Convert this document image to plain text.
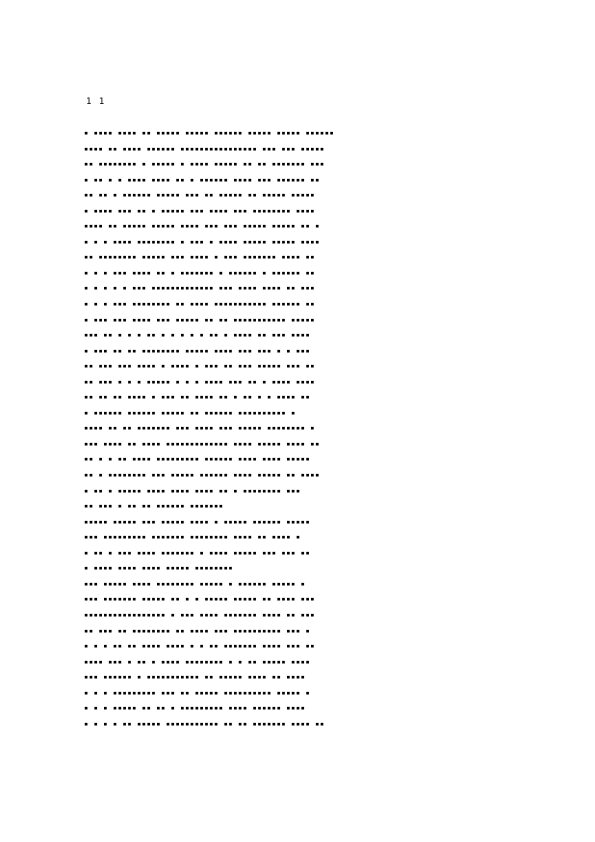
1 1
▪ ▪▪▪▪ ▪▪▪▪ ▪▪ ▪▪▪▪▪ ▪▪▪▪▪ ▪▪▪▪▪▪ ▪▪▪▪▪ ▪▪▪▪▪ ▪▪▪▪▪▪
▪▪▪▪ ▪▪ ▪▪▪▪ ▪▪▪▪▪▪ ▪▪▪▪▪▪▪▪▪▪▪▪▪▪▪▪ ▪▪▪ ▪▪▪ ▪▪▪▪▪
▪▪ ▪▪▪▪▪▪▪▪ ▪ ▪▪▪▪▪ ▪ ▪▪▪▪ ▪▪▪▪▪ ▪▪ ▪▪ ▪▪▪▪▪▪▪ ▪▪▪
▪ ▪▪ ▪ ▪ ▪▪▪▪ ▪▪▪▪ ▪▪ ▪ ▪▪▪▪▪▪ ▪▪▪▪ ▪▪▪ ▪▪▪▪▪▪ ▪▪
▪▪ ▪▪ ▪ ▪▪▪▪▪▪ ▪▪▪▪▪ ▪▪▪ ▪▪ ▪▪▪▪▪ ▪▪ ▪▪▪▪▪ ▪▪▪▪▪
▪ ▪▪▪▪ ▪▪▪ ▪▪ ▪ ▪▪▪▪▪ ▪▪▪ ▪▪▪▪ ▪▪▪ ▪▪▪▪▪▪▪▪ ▪▪▪▪
▪▪▪▪ ▪▪ ▪▪▪▪▪ ▪▪▪▪▪ ▪▪▪▪ ▪▪▪ ▪▪▪ ▪▪▪▪▪ ▪▪▪▪▪ ▪▪ ▪
▪ ▪ ▪ ▪▪▪▪ ▪▪▪▪▪▪▪▪ ▪ ▪▪▪ ▪ ▪▪▪▪ ▪▪▪▪▪ ▪▪▪▪▪ ▪▪▪▪
▪▪ ▪▪▪▪▪▪▪▪ ▪▪▪▪▪ ▪▪▪ ▪▪▪▪ ▪ ▪▪▪ ▪▪▪▪▪▪▪ ▪▪▪▪ ▪▪
▪ ▪ ▪ ▪▪▪ ▪▪▪▪ ▪▪ ▪ ▪▪▪▪▪▪▪ ▪ ▪▪▪▪▪▪ ▪ ▪▪▪▪▪▪ ▪▪
▪ ▪ ▪ ▪ ▪ ▪▪▪ ▪▪▪▪▪▪▪▪▪▪▪▪▪ ▪▪▪ ▪▪▪▪ ▪▪▪▪ ▪▪ ▪▪▪
▪ ▪ ▪ ▪▪▪ ▪▪▪▪▪▪▪▪ ▪▪ ▪▪▪▪ ▪▪▪▪▪▪▪▪▪▪▪ ▪▪▪▪▪▪ ▪▪
▪ ▪▪▪ ▪▪▪ ▪▪▪▪ ▪▪▪ ▪▪▪▪▪ ▪▪ ▪▪ ▪▪▪▪▪▪▪▪▪▪▪ ▪▪▪▪▪
▪▪▪ ▪▪ ▪ ▪ ▪ ▪▪ ▪ ▪ ▪ ▪ ▪ ▪▪ ▪ ▪▪▪▪ ▪▪ ▪▪▪ ▪▪▪▪
▪ ▪▪▪ ▪▪ ▪▪ ▪▪▪▪▪▪▪▪ ▪▪▪▪▪ ▪▪▪▪ ▪▪▪ ▪▪▪ ▪ ▪ ▪▪▪
▪▪ ▪▪▪ ▪▪▪ ▪▪▪▪ ▪ ▪▪▪▪ ▪ ▪▪▪ ▪▪ ▪▪▪ ▪▪▪▪▪ ▪▪▪ ▪▪
▪▪ ▪▪▪ ▪ ▪ ▪ ▪▪▪▪▪ ▪ ▪ ▪ ▪▪▪▪ ▪▪▪ ▪▪ ▪ ▪▪▪▪ ▪▪▪▪
▪▪ ▪▪ ▪▪ ▪▪▪▪ ▪ ▪▪▪ ▪▪ ▪▪▪▪ ▪▪ ▪ ▪▪ ▪ ▪ ▪▪▪▪ ▪▪
▪ ▪▪▪▪▪▪ ▪▪▪▪▪▪ ▪▪▪▪▪ ▪▪ ▪▪▪▪▪▪ ▪▪▪▪▪▪▪▪▪▪ ▪
▪▪▪▪ ▪▪ ▪▪ ▪▪▪▪▪▪▪ ▪▪▪ ▪▪▪▪ ▪▪▪ ▪▪▪▪▪ ▪▪▪▪▪▪▪▪ ▪
▪▪▪ ▪▪▪▪ ▪▪ ▪▪▪▪ ▪▪▪▪▪▪▪▪▪▪▪▪▪ ▪▪▪▪ ▪▪▪▪▪ ▪▪▪▪ ▪▪
▪▪ ▪ ▪ ▪▪ ▪▪▪▪ ▪▪▪▪▪▪▪▪▪ ▪▪▪▪▪▪ ▪▪▪▪ ▪▪▪▪ ▪▪▪▪▪
▪▪ ▪ ▪▪▪▪▪▪▪▪ ▪▪▪ ▪▪▪▪▪ ▪▪▪▪▪▪ ▪▪▪▪ ▪▪▪▪▪ ▪▪ ▪▪▪▪
▪ ▪▪ ▪ ▪▪▪▪▪ ▪▪▪▪ ▪▪▪▪ ▪▪▪▪ ▪▪ ▪ ▪▪▪▪▪▪▪▪ ▪▪▪
▪▪ ▪▪▪ ▪ ▪▪ ▪▪ ▪▪▪▪▪▪ ▪▪▪▪▪▪▪
▪▪▪▪▪ ▪▪▪▪▪ ▪▪▪ ▪▪▪▪▪ ▪▪▪▪ ▪ ▪▪▪▪▪ ▪▪▪▪▪▪ ▪▪▪▪▪
▪▪▪ ▪▪▪▪▪▪▪▪▪ ▪▪▪▪▪▪▪ ▪▪▪▪▪▪▪▪ ▪▪▪▪ ▪▪ ▪▪▪▪ ▪
▪ ▪▪ ▪ ▪▪▪ ▪▪▪▪ ▪▪▪▪▪▪▪ ▪ ▪▪▪▪ ▪▪▪▪▪ ▪▪▪ ▪▪▪ ▪▪
▪ ▪▪▪▪ ▪▪▪▪ ▪▪▪▪ ▪▪▪▪▪ ▪▪▪▪▪▪▪▪
▪▪▪ ▪▪▪▪▪ ▪▪▪▪ ▪▪▪▪▪▪▪▪ ▪▪▪▪▪ ▪ ▪▪▪▪▪▪ ▪▪▪▪▪ ▪
▪▪▪ ▪▪▪▪▪▪▪ ▪▪▪▪▪ ▪▪ ▪ ▪ ▪▪▪▪▪ ▪▪▪▪▪ ▪▪ ▪▪▪▪ ▪▪▪
▪▪▪▪▪▪▪▪▪▪▪▪▪▪▪▪▪ ▪ ▪▪▪ ▪▪▪▪ ▪▪▪▪▪▪▪ ▪▪▪▪ ▪▪ ▪▪▪
▪▪ ▪▪▪ ▪▪ ▪▪▪▪▪▪▪▪ ▪▪ ▪▪▪▪ ▪▪▪ ▪▪▪▪▪▪▪▪▪▪ ▪▪▪ ▪
▪ ▪ ▪ ▪▪ ▪▪ ▪▪▪▪ ▪▪▪▪ ▪ ▪ ▪▪ ▪▪▪▪▪▪▪ ▪▪▪▪ ▪▪▪ ▪▪
▪▪▪▪ ▪▪▪ ▪ ▪▪ ▪ ▪▪▪▪ ▪▪▪▪▪▪▪▪ ▪ ▪ ▪▪ ▪▪▪▪▪ ▪▪▪▪
▪▪▪ ▪▪▪▪▪▪ ▪ ▪▪▪▪▪▪▪▪▪▪▪ ▪▪ ▪▪▪▪▪ ▪▪▪▪ ▪▪ ▪▪▪▪
▪ ▪ ▪ ▪▪▪▪▪▪▪▪▪ ▪▪▪ ▪▪ ▪▪▪▪▪ ▪▪▪▪▪▪▪▪▪▪ ▪▪▪▪▪ ▪
▪ ▪ ▪ ▪▪▪▪▪ ▪▪ ▪▪ ▪ ▪▪▪▪▪▪▪▪▪ ▪▪▪▪ ▪▪▪▪▪▪ ▪▪▪▪
▪ ▪ ▪ ▪ ▪▪ ▪▪▪▪▪ ▪▪▪▪▪▪▪▪▪▪▪ ▪▪ ▪▪ ▪▪▪▪▪▪▪ ▪▪▪▪ ▪▪
